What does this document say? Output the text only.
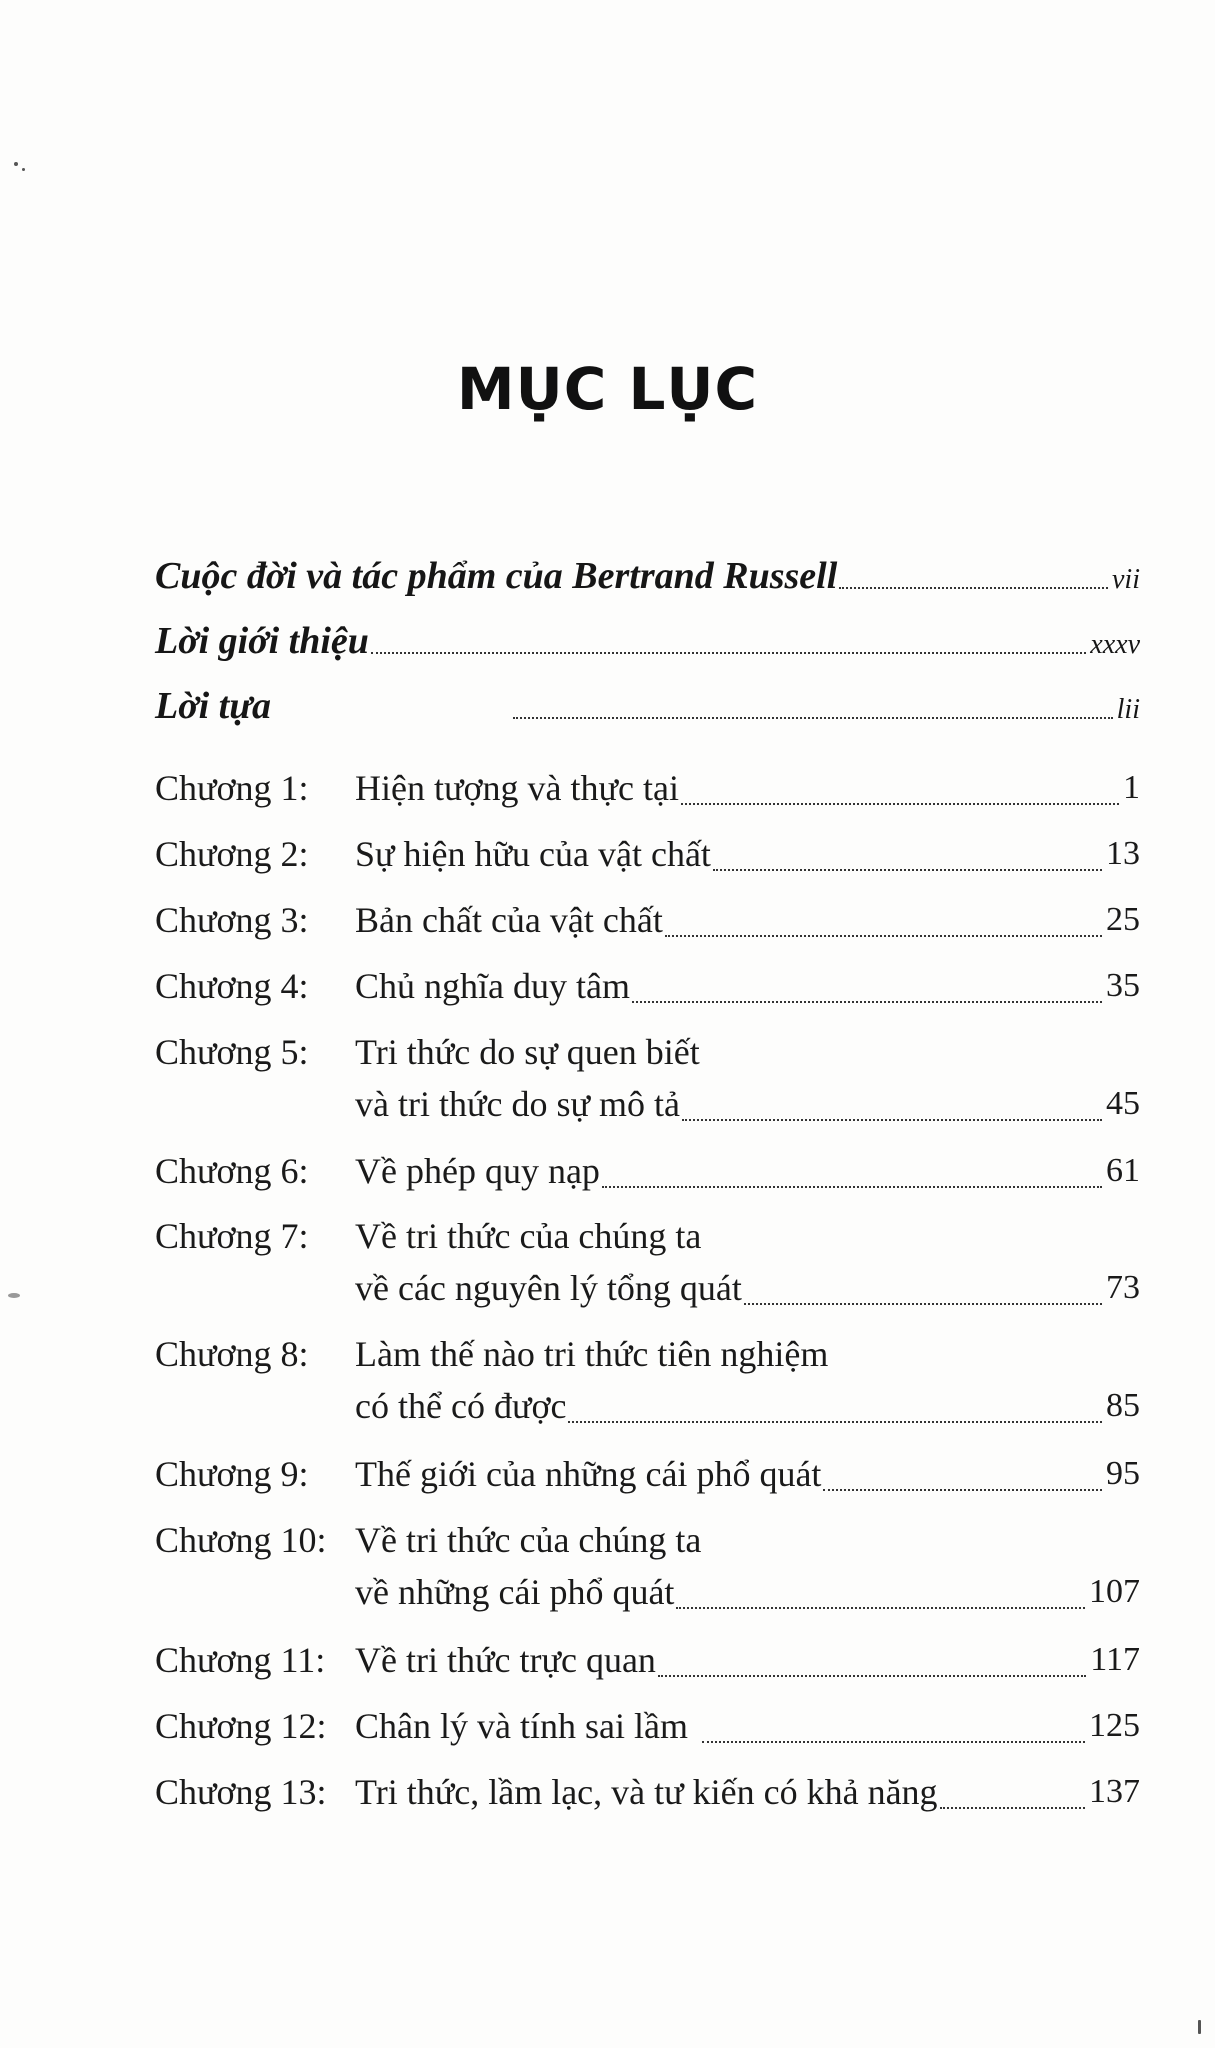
MỤC LỤC
Cuộc đời và tác phẩm của Bertrand Russell	vii
Lời giới thiệu	xxxv
Lời tựa	lii
Chương 1:	Hiện tượng và thực tại	1
Chương 2:	Sự hiện hữu của vật chất	13
Chương 3:	Bản chất của vật chất	25
Chương 4:	Chủ nghĩa duy tâm	35
Chương 5:	Tri thức do sự quen biết
và tri thức do sự mô tả	45
Chương 6:	Về phép quy nạp	61
Chương 7:	Về tri thức của chúng ta
về các nguyên lý tổng quát	73
Chương 8:	Làm thế nào tri thức tiên nghiệm
có thể có được	85
Chương 9:	Thế giới của những cái phổ quát	95
Chương 10: Về tri thức của chúng ta
về những cái phổ quát	107
Chương 11: Về tri thức trực quan	117
Chương 12: Chân lý và tính sai lầm	125
Chương 13: Tri thức, lầm lạc, và tư kiến có khả năng	137
